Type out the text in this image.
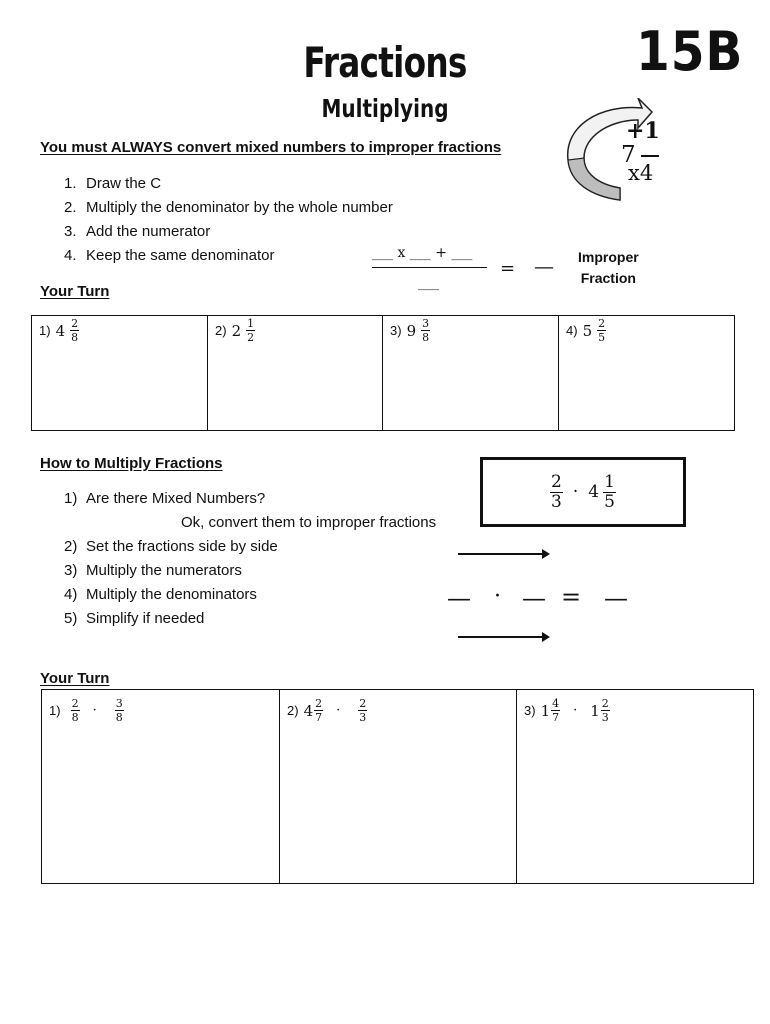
Fractions
Multiplying
15B
You must ALWAYS convert mixed numbers to improper fractions
1. Draw the C
2. Multiply the denominator by the whole number
3. Add the numerator
4. Keep the same denominator
+1
7
x4
___ x ___ + ___
___
= — Improper
Fraction
Your Turn
1) $4 \frac{2}{8}$	2) $2 \frac{1}{2}$	3) $9 \frac{3}{8}$	4) $5 \frac{2}{5}$
How to Multiply Fractions
1) Are there Mixed Numbers?
Ok, convert them to improper fractions
2) Set the fractions side by side
3) Multiply the numerators
4) Multiply the denominators
5) Simplify if needed
$\frac{2}{3} \cdot 4 \frac{1}{5}$
— · — = —
Your Turn
$1) \frac{2}{8} \cdot \frac{3}{8}$	2) $4 \frac{2}{7} \cdot \frac{2}{3}$	3) $1 \frac{4}{7} \cdot 1 \frac{2}{3}$
